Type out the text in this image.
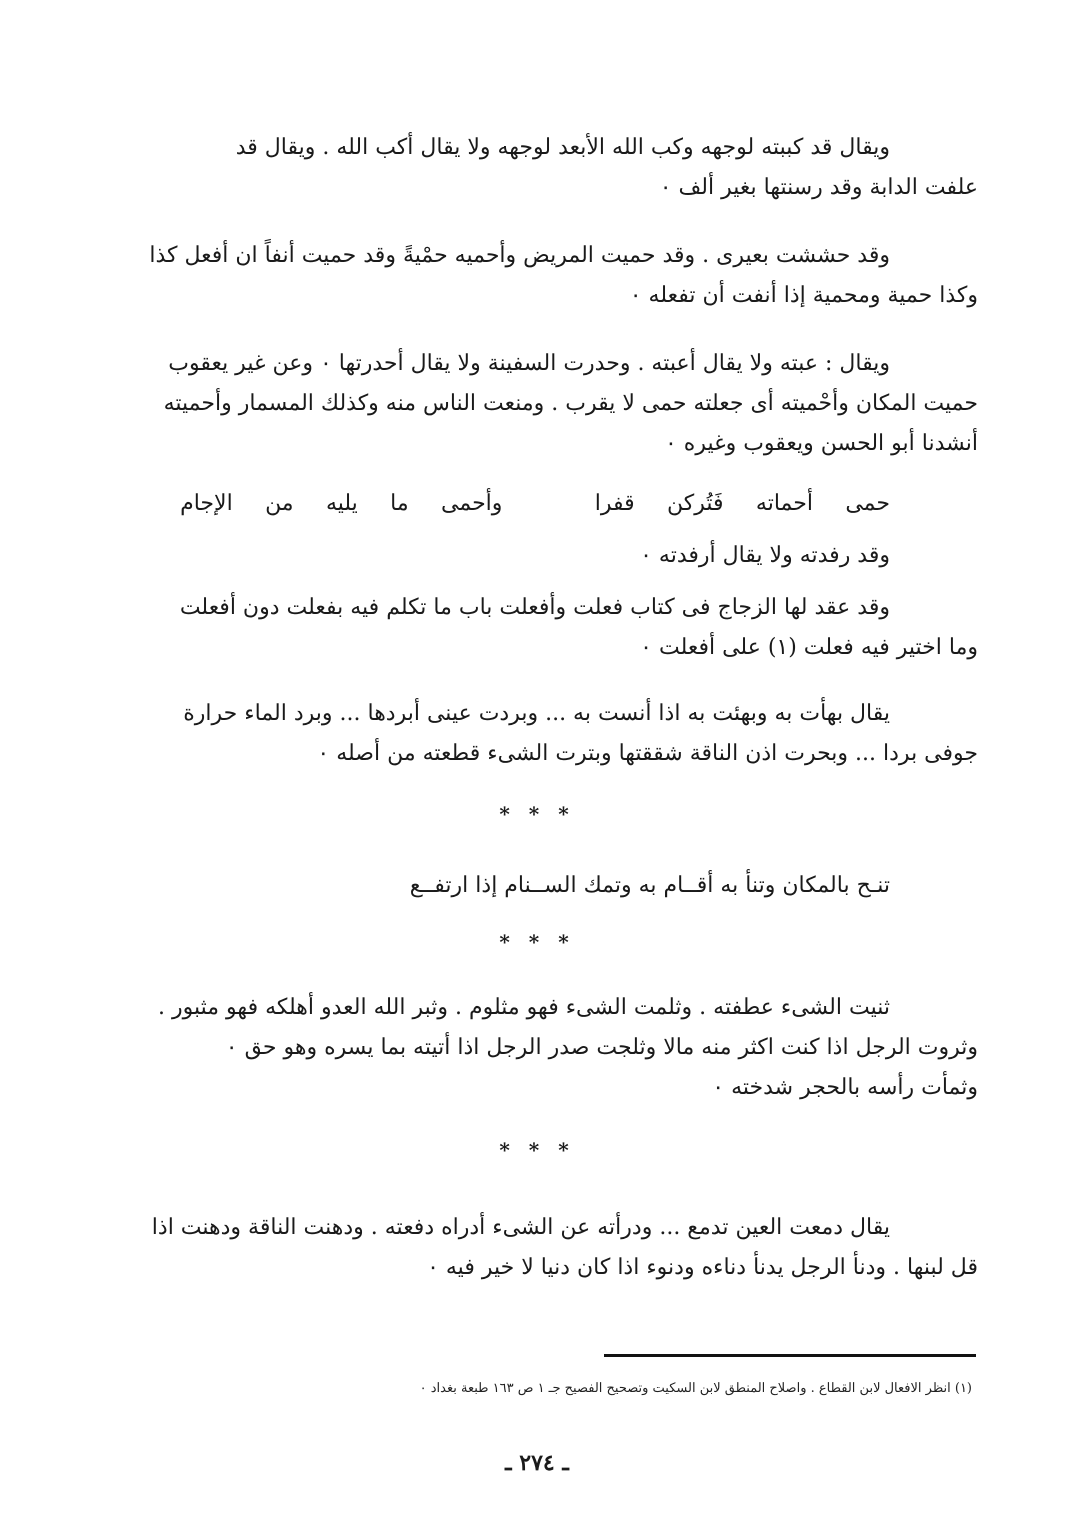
ويقال قد كببته لوجهه وكب الله الأبعد لوجهه ولا يقال أكب الله . ويقال قد
علفت الدابة وقد رسنتها بغير ألف ٠
وقد حششت بعيرى . وقد حميت المريض وأحميه حمْيةً وقد حميت أنفاً ان أفعل كذا
وكذا حمية ومحمية إذا أنفت أن تفعله ٠
ويقال : عبته ولا يقال أعبته . وحدرت السفينة ولا يقال أحدرتها ٠ وعن غير يعقوب
حميت المكان وأحْميته أى جعلته حمى لا يقرب . ومنعت الناس منه وكذلك المسمار وأحميته
أنشدنا أبو الحسن ويعقوب وغيره ٠
حمى
أحماته
فَتُركن
قفرا
وأحمى
ما
يليه
من
الإجام
وقد رفدته ولا يقال أرفدته ٠
وقد عقد لها الزجاج فى كتاب فعلت وأفعلت باب ما تكلم فيه بفعلت دون أفعلت
وما اختير فيه فعلت (١) على أفعلت ٠
يقال بهأت به وبهئت به اذا أنست به ... وبردت عينى أبردها ... وبرد الماء حرارة
جوفى بردا ... وبحرت اذن الناقة شققتها وبترت الشىء قطعته من أصله ٠
* * *
تنـح بالمكان وتنأ به أقــام به وتمك الســنام إذا ارتفــع
* * *
ثنيت الشىء عطفته . وثلمت الشىء فهو مثلوم . وثبر الله العدو أهلكه فهو مثبور .
وثروت الرجل اذا كنت اكثر منه مالا وثلجت صدر الرجل اذا أتيته بما يسره وهو حق ٠
وثمأت رأسه بالحجر شدخته ٠
* * *
يقال دمعت العين تدمع ... ودرأته عن الشىء أدراه دفعته . ودهنت الناقة ودهنت اذا
قل لبنها . ودنأ الرجل يدنأ دناءه ودنوء اذا كان دنيا لا خير فيه ٠
(١) انظر الافعال لابن القطاع . واصلاح المنطق لابن السكيت وتصحيح الفصيح جـ ١ ص ١٦٣ طبعة بغداد ٠
ـ ٢٧٤ ـ
